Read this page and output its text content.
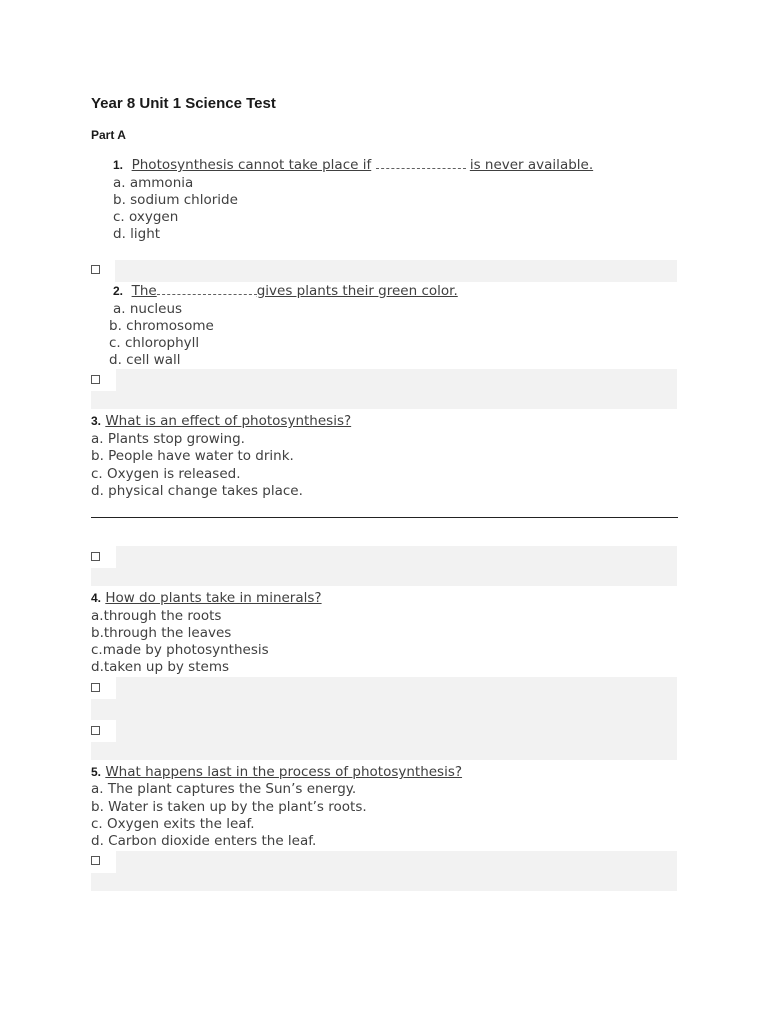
Year 8 Unit 1 Science Test
Part A
1. Photosynthesis cannot take place if	is never available.
a. ammonia
b. sodium chloride
c. oxygen
d. light
2. The	gives plants their green color.
a. nucleus
b. chromosome
c. chlorophyll
d. cell wall
3. What is an effect of photosynthesis?
a. Plants stop growing.
b. People have water to drink.
c. Oxygen is released.
d. physical change takes place.
4. How do plants take in minerals?
a.through the roots
b.through the leaves
c.made by photosynthesis
d.taken up by stems
5. What happens last in the process of photosynthesis?
a. The plant captures the Sun’s energy.
b. Water is taken up by the plant’s roots.
c. Oxygen exits the leaf.
d. Carbon dioxide enters the leaf.
